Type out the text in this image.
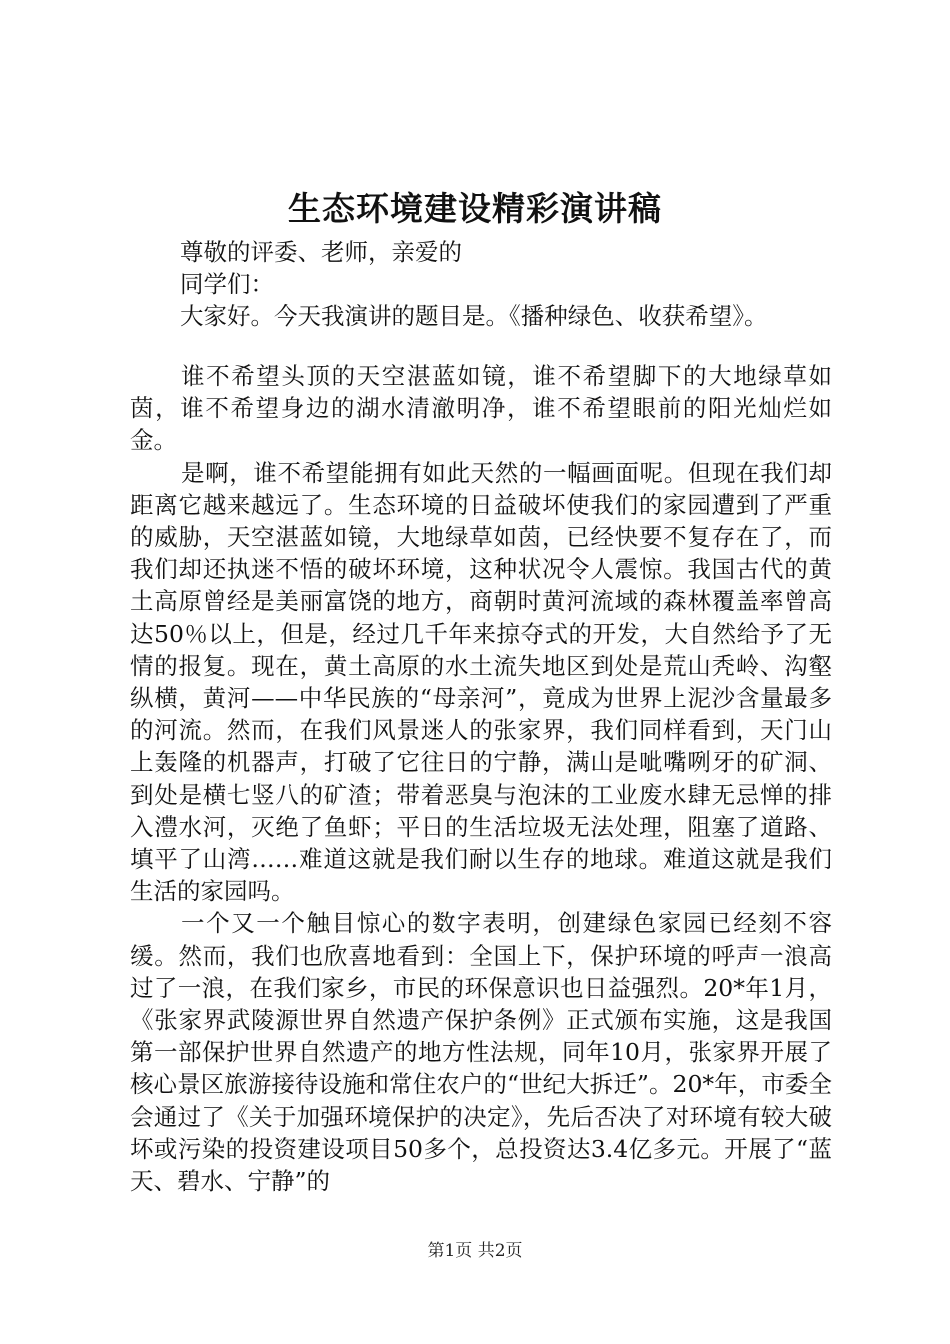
生态环境建设精彩演讲稿
尊敬的评委、老师，亲爱的
同学们：
大家好。今天我演讲的题目是。《播种绿色、收获希望》。

谁不希望头顶的天空湛蓝如镜，谁不希望脚下的大地绿草如茵，谁不希望身边的湖水清澈明净，谁不希望眼前的阳光灿烂如金。

是啊，谁不希望能拥有如此天然的一幅画面呢。但现在我们却距离它越来越远了。生态环境的日益破坏使我们的家园遭到了严重的威胁，天空湛蓝如镜，大地绿草如茵，已经快要不复存在了，而我们却还执迷不悟的破坏环境，这种状况令人震惊。我国古代的黄土高原曾经是美丽富饶的地方，商朝时黄河流域的森林覆盖率曾高达50％以上，但是，经过几千年来掠夺式的开发，大自然给予了无情的报复。现在，黄土高原的水土流失地区到处是荒山秃岭、沟壑纵横，黄河——中华民族的“母亲河”，竟成为世界上泥沙含量最多的河流。然而，在我们风景迷人的张家界，我们同样看到，天门山上轰隆的机器声，打破了它往日的宁静，满山是呲嘴咧牙的矿洞、到处是横七竖八的矿渣；带着恶臭与泡沫的工业废水肆无忌惮的排入澧水河，灭绝了鱼虾；平日的生活垃圾无法处理，阻塞了道路、填平了山湾……难道这就是我们耐以生存的地球。难道这就是我们生活的家园吗。

一个又一个触目惊心的数字表明，创建绿色家园已经刻不容缓。然而，我们也欣喜地看到：全国上下，保护环境的呼声一浪高过了一浪，在我们家乡，市民的环保意识也日益强烈。20*年1月，《张家界武陵源世界自然遗产保护条例》正式颁布实施，这是我国第一部保护世界自然遗产的地方性法规，同年10月，张家界开展了核心景区旅游接待设施和常住农户的“世纪大拆迁”。20*年，市委全会通过了《关于加强环境保护的决定》，先后否决了对环境有较大破坏或污染的投资建设项目50多个，总投资达3.4亿多元。开展了“蓝天、碧水、宁静”的

第1页 共2页
